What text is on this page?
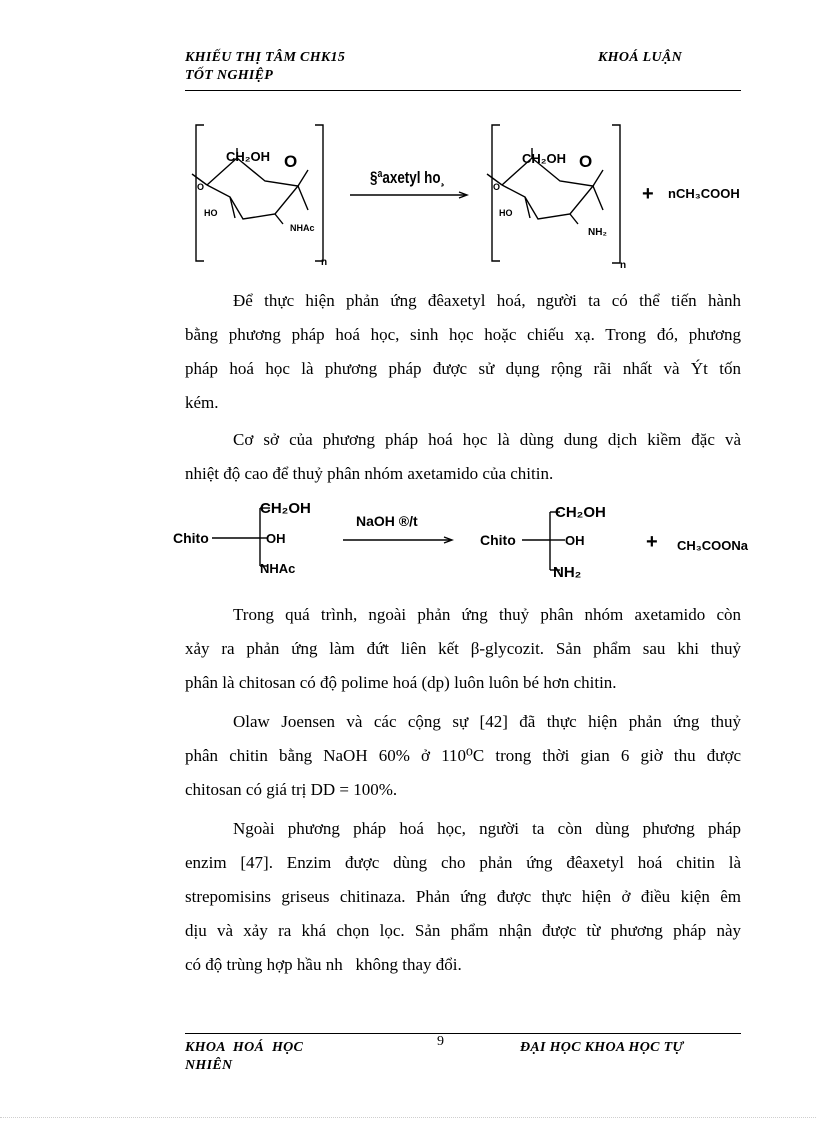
KHIẾU THỊ TÂM CHK15
TỐT NGHIỆP
KHOÁ LUẬN
CH₂OH O
O
HO
NHAc
n
§ªaxetyl ho¸
CH₂OH O
O
HO
NH₂
n
+ nCH₃COOH
Để thực hiện phản ứng đêaxetyl hoá, người ta có thể tiến hành
bằng phương pháp hoá học, sinh học hoặc chiếu xạ. Trong đó, phương
pháp hoá học là phương pháp được sử dụng rộng rãi nhất và Ýt tốn
kém.
Cơ sở của phương pháp hoá học là dùng dung dịch kiềm đặc và
nhiệt độ cao để thuỷ phân nhóm axetamido của chitin.
Chito
CH₂OH
OH
NHAc
NaOH ®/t
Chito
CH₂OH
OH
NH₂
+ CH₃COONa
Trong quá trình, ngoài phản ứng thuỷ phân nhóm axetamido còn
xảy ra phản ứng làm đứt liên kết β-glycozit. Sản phẩm sau khi thuỷ
phân là chitosan có độ polime hoá (dp) luôn luôn bé hơn chitin.
Olaw Joensen và các cộng sự [42] đã thực hiện phản ứng thuỷ
phân chitin bằng NaOH 60% ở 110⁰C trong thời gian 6 giờ thu được
chitosan có giá trị DD = 100%.
Ngoài phương pháp hoá học, người ta còn dùng phương pháp
enzim [47]. Enzim được dùng cho phản ứng đêaxetyl hoá chitin là
strepomisins griseus chitinaza. Phản ứng được thực hiện ở điều kiện êm
dịu và xảy ra khá chọn lọc. Sản phẩm nhận được từ phương pháp này
có độ trùng hợp hầu nh   không thay đổi.
KHOA HOÁ HỌC
NHIÊN
9	ĐẠI HỌC KHOA HỌC TỰ
